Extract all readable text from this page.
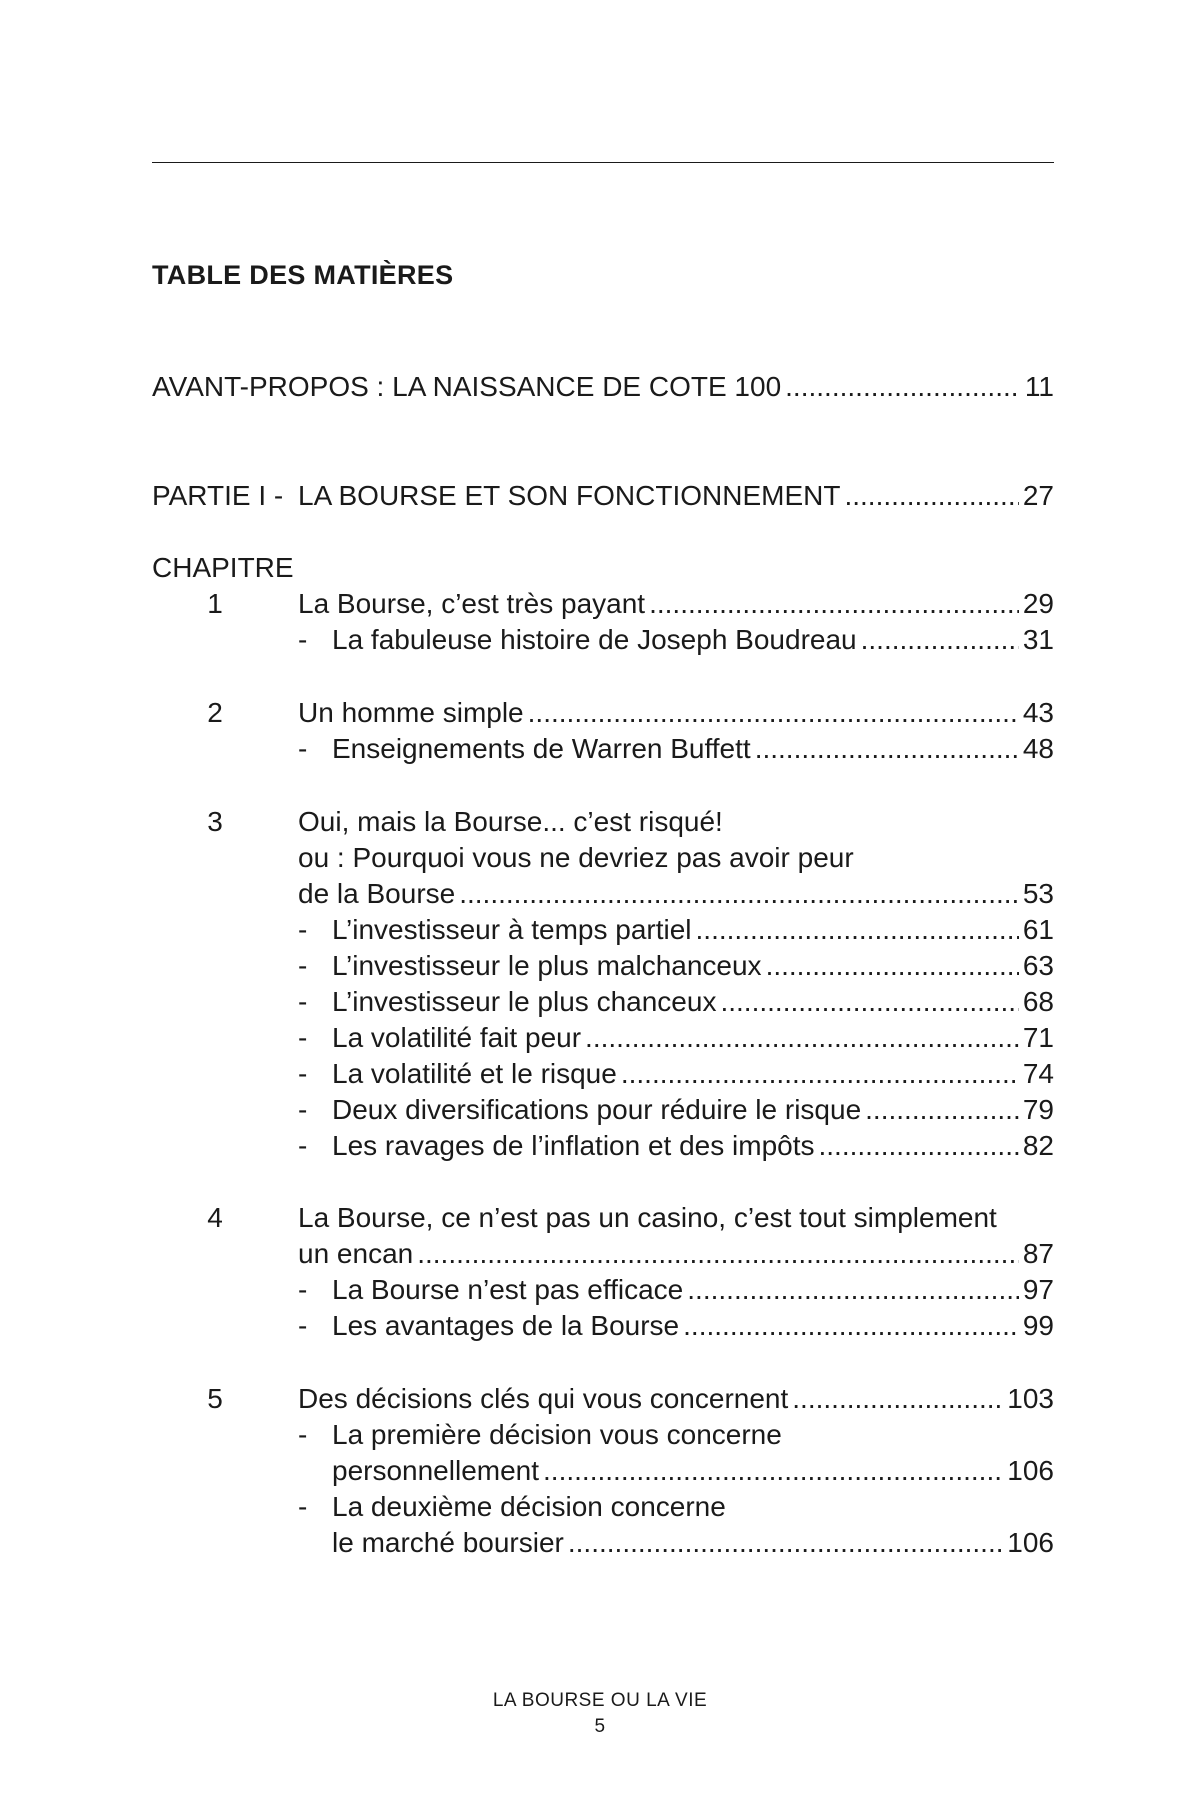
TABLE DES MATIÈRES
AVANT-PROPOS : LA NAISSANCE DE COTE 100 .....	11
PARTIE I - LA BOURSE ET SON FONCTIONNEMENT .....	27
CHAPITRE
1	La Bourse, c’est très payant .....	29
- La fabuleuse histoire de Joseph Boudreau .....	31
2	Un homme simple .....	43
- Enseignements de Warren Buffett .....	48
3	Oui, mais la Bourse... c’est risqué!
ou : Pourquoi vous ne devriez pas avoir peur
de la Bourse .....	53
- L’investisseur à temps partiel .....	61
- L’investisseur le plus malchanceux .....	63
- L’investisseur le plus chanceux .....	68
- La volatilité fait peur .....	71
- La volatilité et le risque .....	74
- Deux diversifications pour réduire le risque .....	79
- Les ravages de l’inflation et des impôts .....	82
4	La Bourse, ce n’est pas un casino, c’est tout simplement
un encan .....	87
- La Bourse n’est pas efficace .....	97
- Les avantages de la Bourse .....	99
5	Des décisions clés qui vous concernent .....	103
- La première décision vous concerne
personnellement .....	106
- La deuxième décision concerne
le marché boursier .....	106
LA BOURSE OU LA VIE
5
